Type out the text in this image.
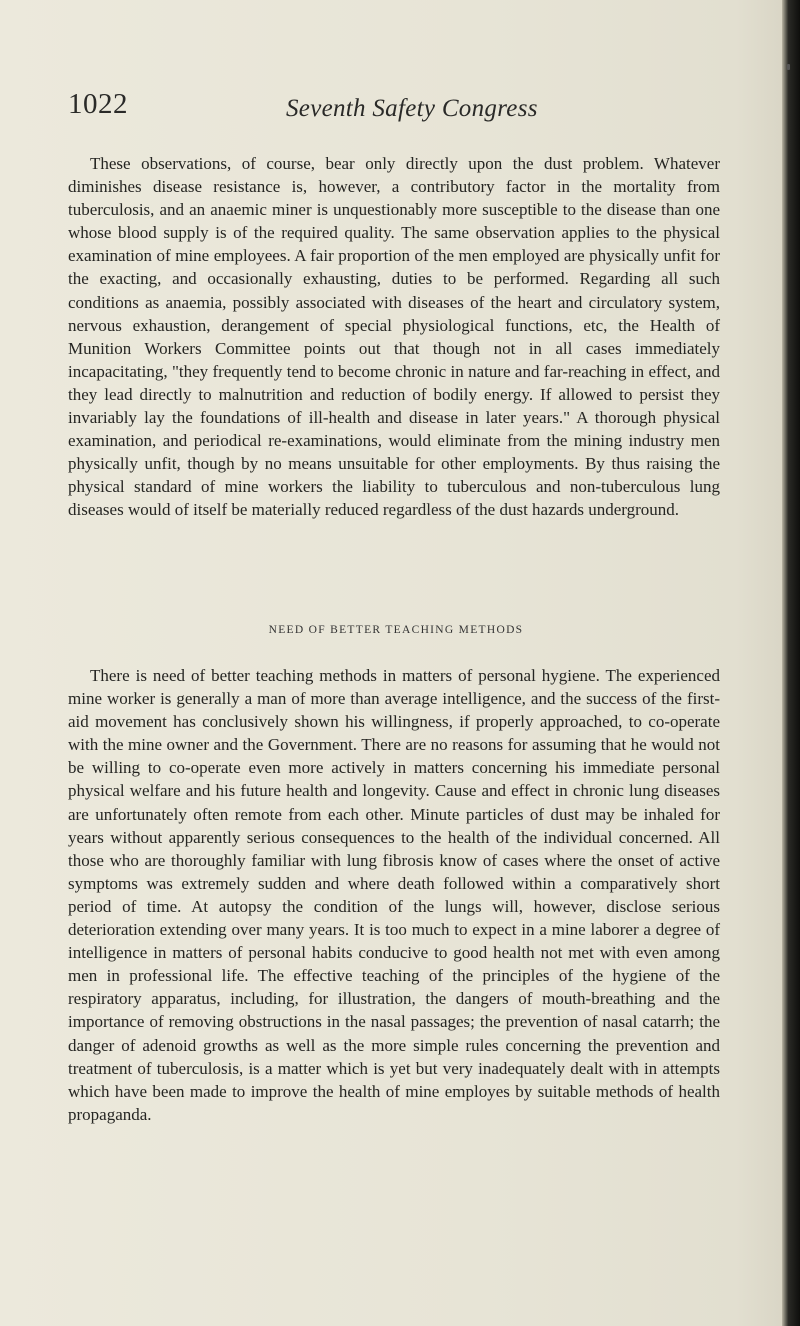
1022	Seventh Safety Congress

These observations, of course, bear only directly upon the dust problem. Whatever diminishes disease resistance is, however, a contributory factor in the mortality from tuberculosis, and an anaemic miner is unquestionably more susceptible to the disease than one whose blood supply is of the required quality. The same observation applies to the physical examination of mine employees. A fair proportion of the men employed are physically unfit for the exacting, and occasionally exhausting, duties to be performed. Regarding all such conditions as anaemia, possibly associated with diseases of the heart and circulatory system, nervous exhaustion, derangement of special physiological functions, etc, the Health of Munition Workers Committee points out that though not in all cases immediately incapacitating, "they frequently tend to become chronic in nature and far-reaching in effect, and they lead directly to malnutrition and reduction of bodily energy. If allowed to persist they invariably lay the foundations of ill-health and disease in later years." A thorough physical examination, and periodical re-examinations, would eliminate from the mining industry men physically unfit, though by no means unsuitable for other employments. By thus raising the physical standard of mine workers the liability to tuberculous and non-tuberculous lung diseases would of itself be materially reduced regardless of the dust hazards underground.

NEED OF BETTER TEACHING METHODS

There is need of better teaching methods in matters of personal hygiene. The experienced mine worker is generally a man of more than average intelligence, and the success of the first-aid movement has conclusively shown his willingness, if properly approached, to co-operate with the mine owner and the Government. There are no reasons for assuming that he would not be willing to co-operate even more actively in matters concerning his immediate personal physical welfare and his future health and longevity. Cause and effect in chronic lung diseases are unfortunately often remote from each other. Minute particles of dust may be inhaled for years without apparently serious consequences to the health of the individual concerned. All those who are thoroughly familiar with lung fibrosis know of cases where the onset of active symptoms was extremely sudden and where death followed within a comparatively short period of time. At autopsy the condition of the lungs will, however, disclose serious deterioration extending over many years. It is too much to expect in a mine laborer a degree of intelligence in matters of personal habits conducive to good health not met with even among men in professional life. The effective teaching of the principles of the hygiene of the respiratory apparatus, including, for illustration, the dangers of mouth-breathing and the importance of removing obstructions in the nasal passages; the prevention of nasal catarrh; the danger of adenoid growths as well as the more simple rules concerning the prevention and treatment of tuberculosis, is a matter which is yet but very inadequately dealt with in attempts which have been made to improve the health of mine employes by suitable methods of health propaganda.
